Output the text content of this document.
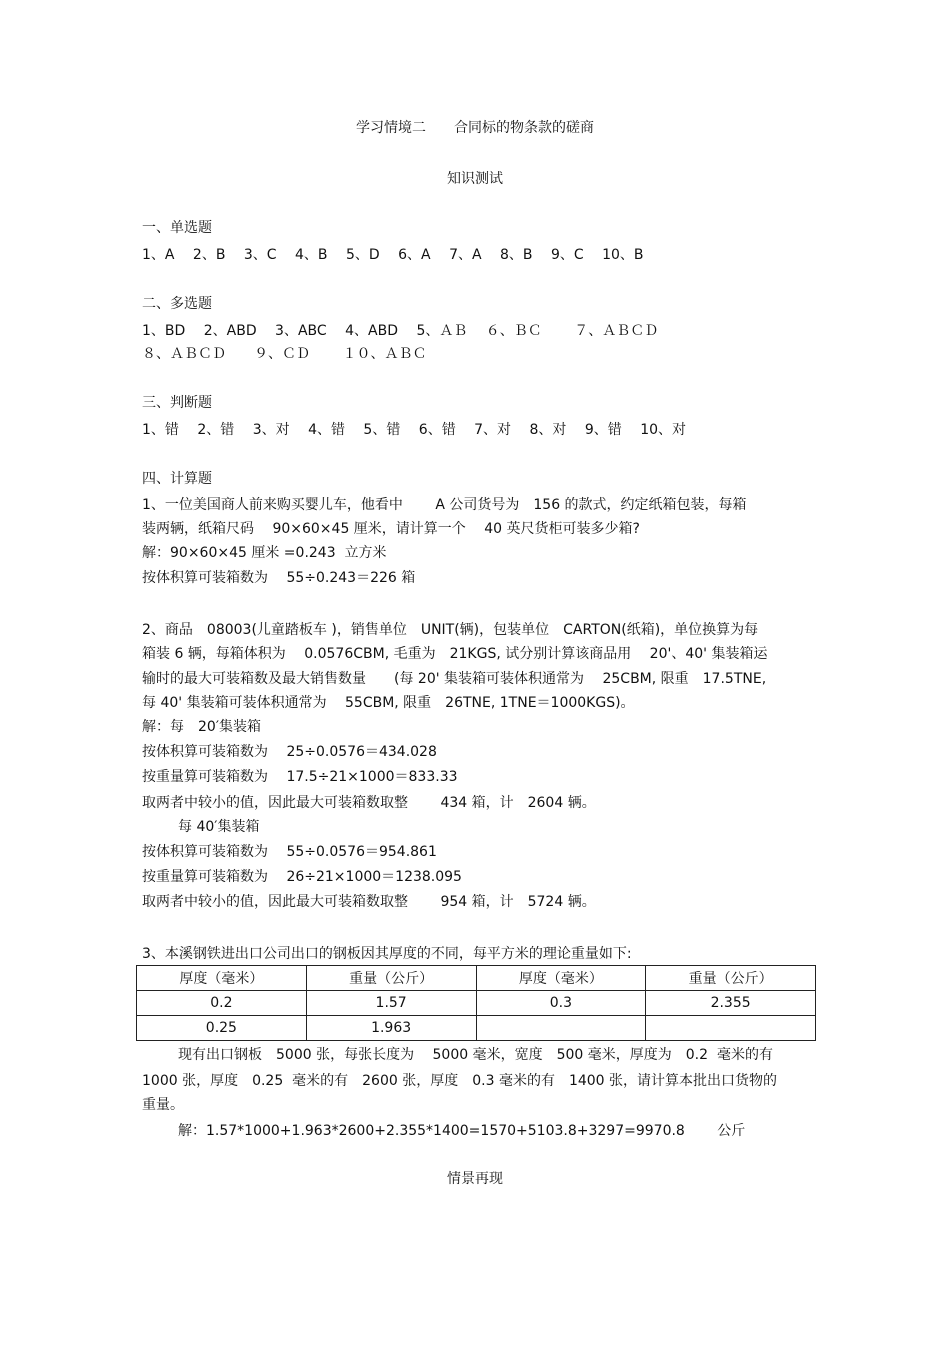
学习情境二　　合同标的物条款的磋商
知识测试
一、单选题
1、A　 2、B　 3、C　 4、B　 5、D　 6、A　 7、A　 8、B　 9、C　 10、B
二、多选题
1、BD　 2、ABD　 3、ABC　 4、ABD　 5、ＡＢ　 ６、ＢＣ　　 ７、ＡＢＣＤ
８、ＡＢＣＤ　　９、ＣＤ　　 １０、ＡＢＣ
三、判断题
1、错　 2、错　 3、对　 4、错　 5、错　 6、错　 7、对　 8、对　 9、错　 10、对
四、计算题
1、一位美国商人前来购买婴儿车，他看中　　 A 公司货号为　156 的款式，约定纸箱包装，每箱
装两辆，纸箱尺码　 90×60×45 厘米，请计算一个　 40 英尺货柜可装多少箱?
解：90×60×45 厘米 =0.243  立方米
按体积算可装箱数为　 55÷0.243＝226 箱
2、商品　08003(儿童踏板车 )，销售单位　UNIT(辆)，包装单位　CARTON(纸箱)，单位换算为每
箱装 6 辆，每箱体积为　 0.0576CBM, 毛重为　21KGS, 试分别计算该商品用　 20'、40' 集装箱运
输时的最大可装箱数及最大销售数量　　(每 20' 集装箱可装体积通常为　 25CBM, 限重　17.5TNE,
每 40' 集装箱可装体积通常为　 55CBM, 限重　26TNE, 1TNE＝1000KGS)。
解：每　20′集装箱
按体积算可装箱数为　 25÷0.0576＝434.028
按重量算可装箱数为　 17.5÷21×1000＝833.33
取两者中较小的值，因此最大可装箱数取整　　 434 箱，计　2604 辆。
每 40′集装箱
按体积算可装箱数为　 55÷0.0576＝954.861
按重量算可装箱数为　 26÷21×1000＝1238.095
取两者中较小的值，因此最大可装箱数取整　　 954 箱，计　5724 辆。
3、本溪钢铁进出口公司出口的钢板因其厚度的不同，每平方米的理论重量如下:
厚度（毫米）	重量（公斤）	厚度（毫米）	重量（公斤）
0.2	1.57	0.3	2.355
0.25	1.963		
现有出口钢板　5000 张，每张长度为　 5000 毫米，宽度　500 毫米，厚度为　0.2  毫米的有
1000 张，厚度　0.25  毫米的有　2600 张，厚度　0.3 毫米的有　1400 张，请计算本批出口货物的
重量。
解：1.57*1000+1.963*2600+2.355*1400=1570+5103.8+3297=9970.8　　 公斤
情景再现
